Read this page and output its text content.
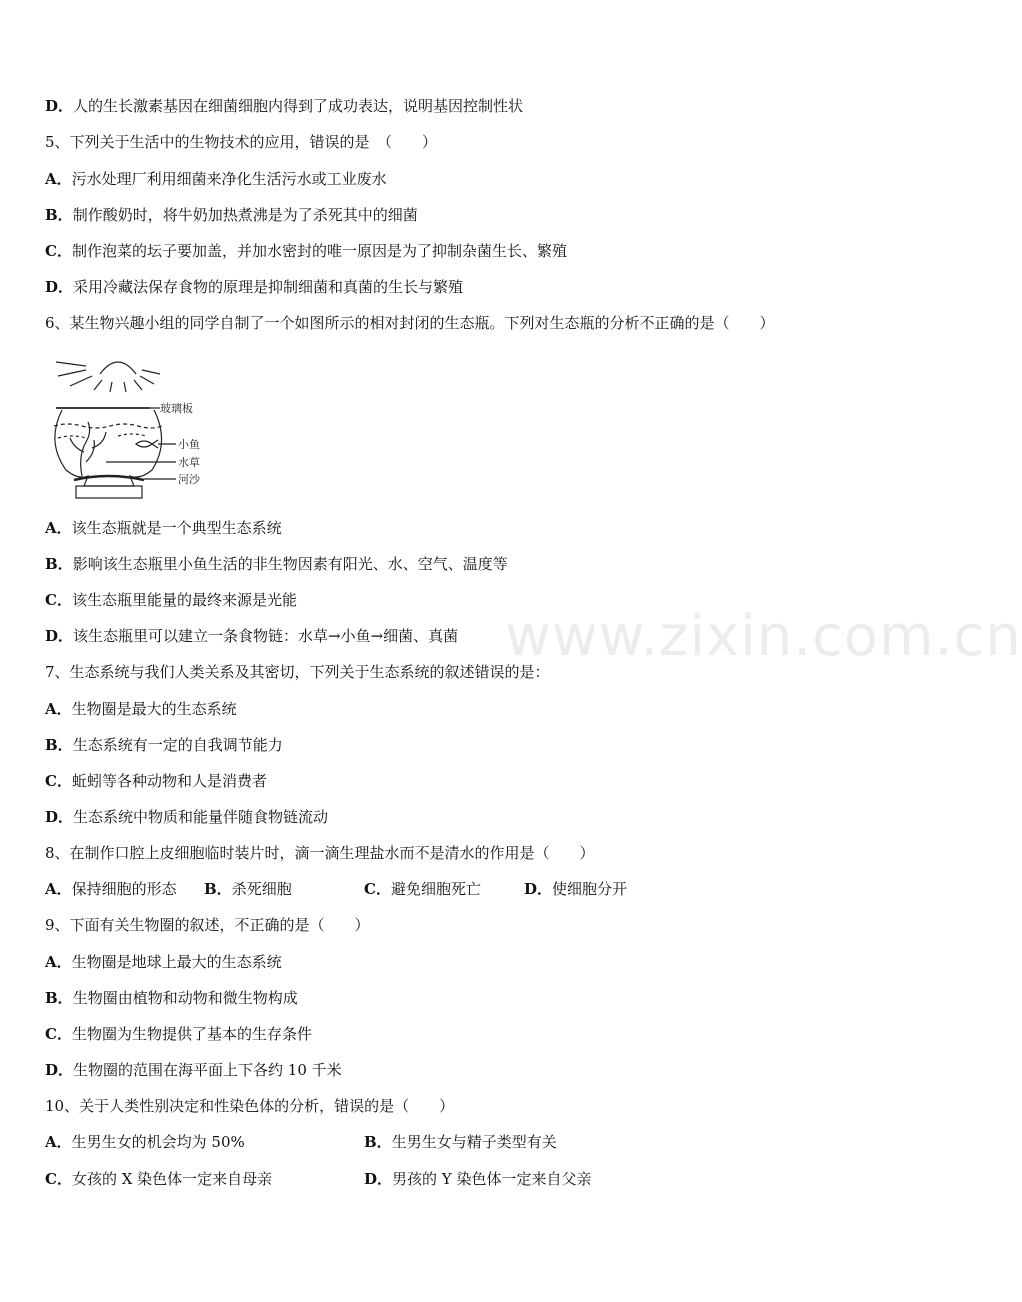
D．人的生长激素基因在细菌细胞内得到了成功表达，说明基因控制性状
5、下列关于生活中的生物技术的应用，错误的是　（　　）
A．污水处理厂利用细菌来净化生活污水或工业废水
B．制作酸奶时，将牛奶加热煮沸是为了杀死其中的细菌
C．制作泡菜的坛子要加盖，并加水密封的唯一原因是为了抑制杂菌生长、繁殖
D．采用冷藏法保存食物的原理是抑制细菌和真菌的生长与繁殖
6、某生物兴趣小组的同学自制了一个如图所示的相对封闭的生态瓶。下列对生态瓶的分析不正确的是（　　）
玻璃板
小鱼
水草
河沙
A．该生态瓶就是一个典型生态系统
B．影响该生态瓶里小鱼生活的非生物因素有阳光、水、空气、温度等
C．该生态瓶里能量的最终来源是光能
D．该生态瓶里可以建立一条食物链：水草→小鱼→细菌、真菌
7、生态系统与我们人类关系及其密切，下列关于生态系统的叙述错误的是：
A．生物圈是最大的生态系统
B．生态系统有一定的自我调节能力
C．蚯蚓等各种动物和人是消费者
D．生态系统中物质和能量伴随食物链流动
8、在制作口腔上皮细胞临时装片时，滴一滴生理盐水而不是清水的作用是（　　）
A．保持细胞的形态 B．杀死细胞	C．避免细胞死亡	D．使细胞分开
9、下面有关生物圈的叙述，不正确的是（　　）
A．生物圈是地球上最大的生态系统
B．生物圈由植物和动物和微生物构成
C．生物圈为生物提供了基本的生存条件
D．生物圈的范围在海平面上下各约 10 千米
10、关于人类性别决定和性染色体的分析，错误的是（　　）
A．生男生女的机会均为 50%	B．生男生女与精子类型有关
C．女孩的 X 染色体一定来自母亲	D．男孩的 Y 染色体一定来自父亲
www.zixin.com.cn
